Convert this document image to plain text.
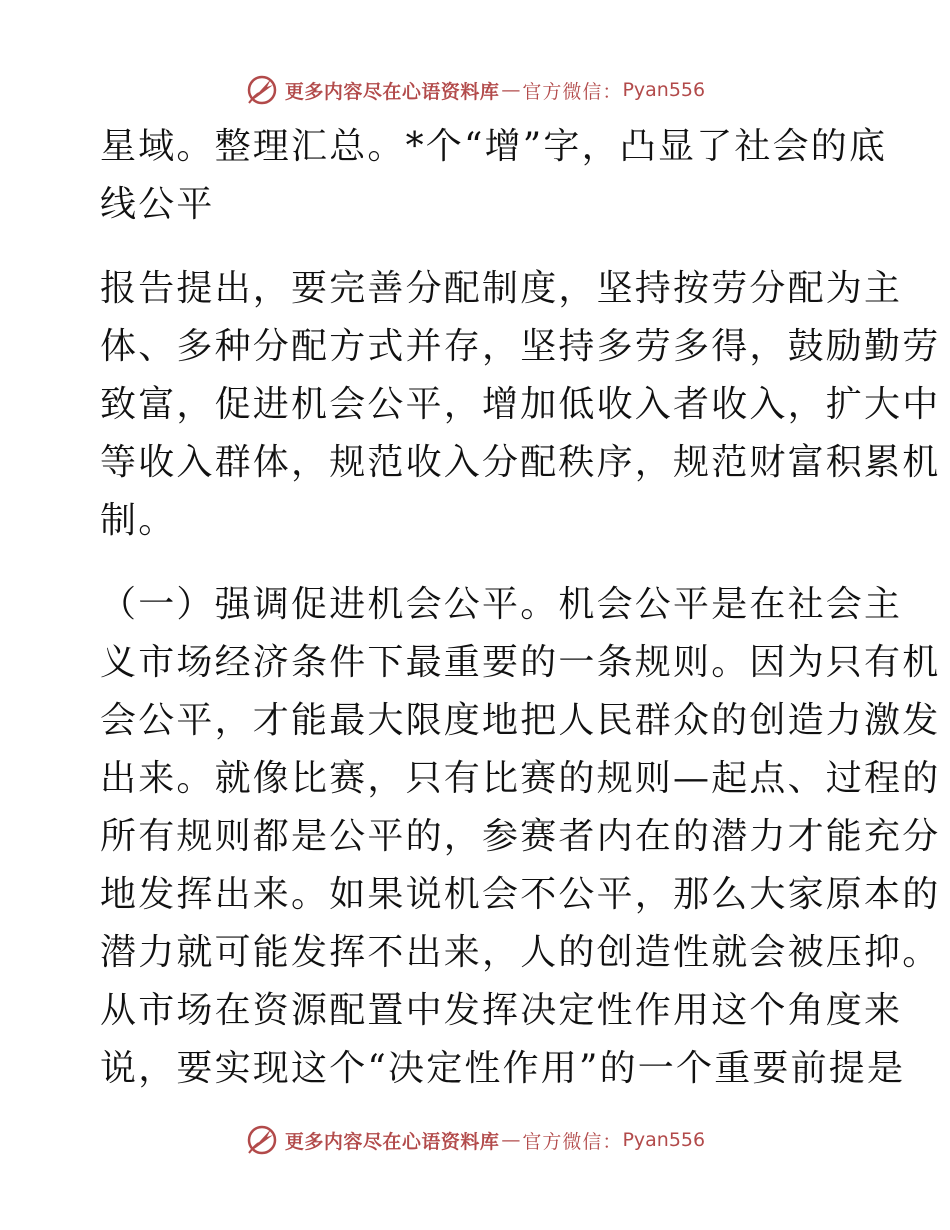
更多内容尽在心语资料库 — 官方微信： Pyan556
星域。整理汇总。*个“增”字，凸显了社会的底
线公平
报告提出，要完善分配制度，坚持按劳分配为主
体、多种分配方式并存，坚持多劳多得，鼓励勤劳
致富，促进机会公平，增加低收入者收入，扩大中
等收入群体，规范收入分配秩序，规范财富积累机
制。
（一）强调促进机会公平。机会公平是在社会主
义市场经济条件下最重要的一条规则。因为只有机
会公平，才能最大限度地把人民群众的创造力激发
出来。就像比赛，只有比赛的规则—起点、过程的
所有规则都是公平的，参赛者内在的潜力才能充分
地发挥出来。如果说机会不公平，那么大家原本的
潜力就可能发挥不出来，人的创造性就会被压抑。
从市场在资源配置中发挥决定性作用这个角度来
说，要实现这个“决定性作用”的一个重要前提是
更多内容尽在心语资料库 — 官方微信： Pyan556
